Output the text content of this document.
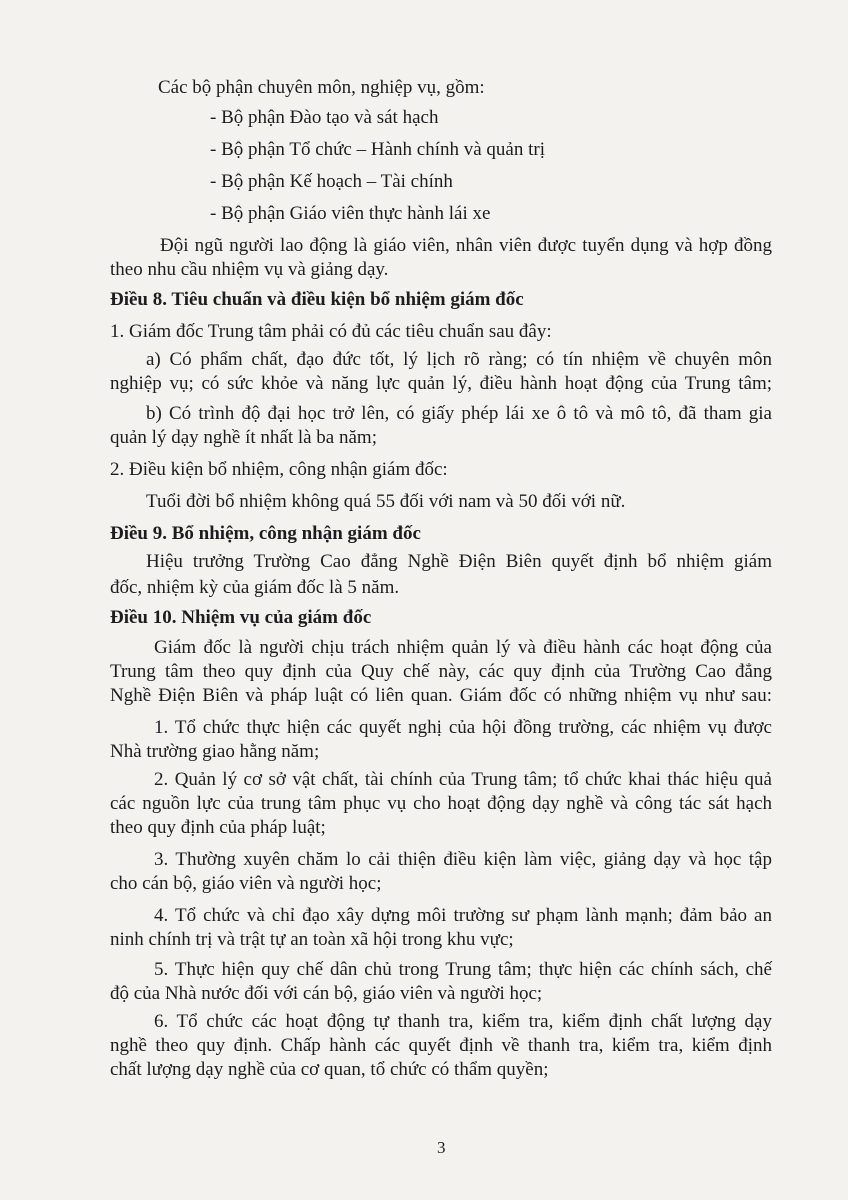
Các bộ phận chuyên môn, nghiệp vụ, gồm:

- Bộ phận Đào tạo và sát hạch

- Bộ phận Tổ chức – Hành chính và quản trị

- Bộ phận Kế hoạch – Tài chính

- Bộ phận Giáo viên thực hành lái xe

Đội ngũ người lao động là giáo viên, nhân viên được tuyển dụng và hợp đồng

theo nhu cầu nhiệm vụ và giảng dạy.

Điều 8. Tiêu chuẩn và điều kiện bổ nhiệm giám đốc

1. Giám đốc Trung tâm phải có đủ các tiêu chuẩn sau đây:

a) Có phẩm chất, đạo đức tốt, lý lịch rõ ràng; có tín nhiệm về chuyên môn

nghiệp vụ; có sức khỏe và năng lực quản lý, điều hành hoạt động của Trung tâm;

b) Có trình độ đại học trở lên, có giấy phép lái xe ô tô và mô tô, đã tham gia

quản lý dạy nghề ít nhất là ba năm;

2. Điều kiện bổ nhiệm, công nhận giám đốc:

Tuổi đời bổ nhiệm không quá 55 đối với nam và 50 đối với nữ.

Điều 9. Bổ nhiệm, công nhận giám đốc

Hiệu trưởng Trường Cao đẳng Nghề Điện Biên quyết định bổ nhiệm giám

đốc, nhiệm kỳ của giám đốc là 5 năm.

Điều 10. Nhiệm vụ của giám đốc

Giám đốc là người chịu trách nhiệm quản lý và điều hành các hoạt động của

Trung tâm theo quy định của Quy chế này, các quy định của Trường Cao đẳng

Nghề Điện Biên và pháp luật có liên quan. Giám đốc có những nhiệm vụ như sau:

1. Tổ chức thực hiện các quyết nghị của hội đồng trường, các nhiệm vụ được

Nhà trường giao hằng năm;

2. Quản lý cơ sở vật chất, tài chính của Trung tâm; tổ chức khai thác hiệu quả

các nguồn lực của trung tâm phục vụ cho hoạt động dạy nghề và công tác sát hạch

theo quy định của pháp luật;

3. Thường xuyên chăm lo cải thiện điều kiện làm việc, giảng dạy và học tập

cho cán bộ, giáo viên và người học;

4. Tổ chức và chỉ đạo xây dựng môi trường sư phạm lành mạnh; đảm bảo an

ninh chính trị và trật tự an toàn xã hội trong khu vực;

5. Thực hiện quy chế dân chủ trong Trung tâm; thực hiện các chính sách, chế

độ của Nhà nước đối với cán bộ, giáo viên và người học;

6. Tổ chức các hoạt động tự thanh tra, kiểm tra, kiểm định chất lượng dạy

nghề theo quy định. Chấp hành các quyết định về thanh tra, kiểm tra, kiểm định

chất lượng dạy nghề của cơ quan, tổ chức có thẩm quyền;

3
